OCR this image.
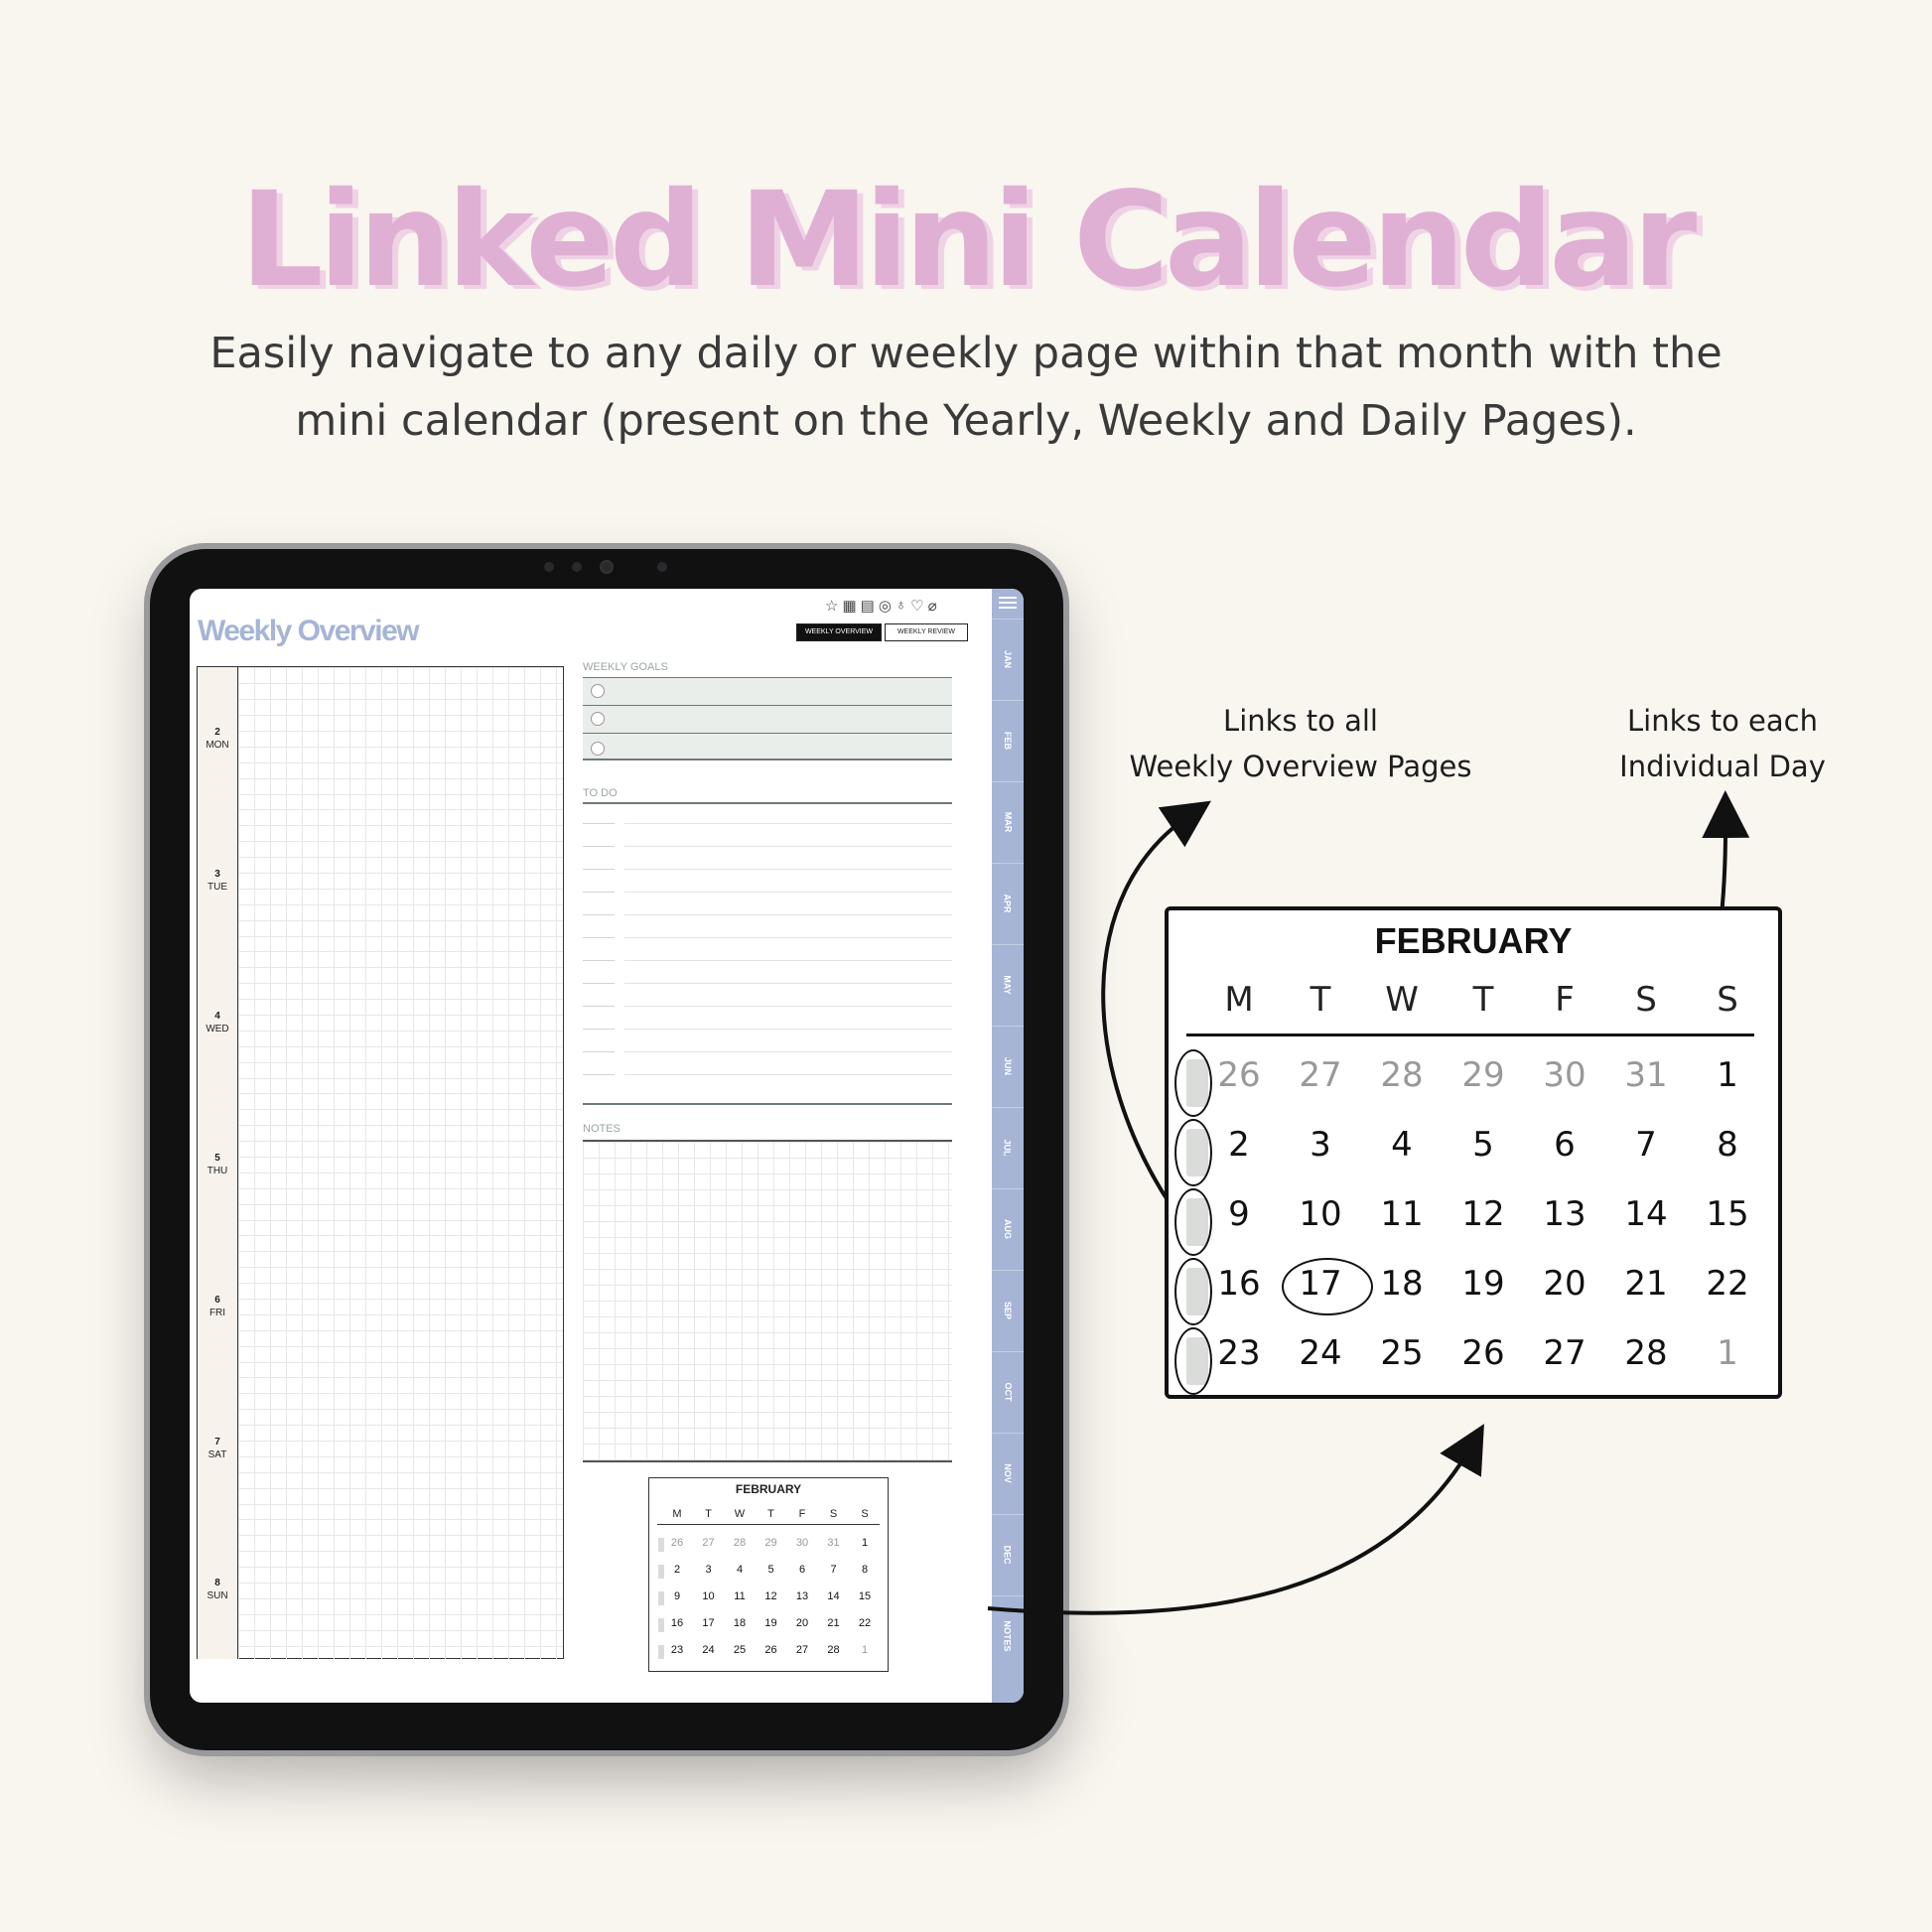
Linked Mini Calendar
Easily navigate to any daily or weekly page within that month with the mini calendar (present on the Yearly, Weekly and Daily Pages).
Weekly Overview
☆ ▦ ▤ ◎ ♁ ♡ ⌀
WEEKLY OVERVIEW	WEEKLY REVIEW
2
MON
3
TUE
4
WED
5
THU
6
FRI
7
SAT
8
SUN
WEEKLY GOALS
TO DO
NOTES
FEBRUARY
M	T	W	T	F	S	S
26	27	28	29	30	31	1
2	3	4	5	6	7	8
9	10	11	12	13	14	15
16	17	18	19	20	21	22
23	24	25	26	27	28	1
JAN
FEB
MAR
APR
MAY
JUN
JUL
AUG
SEP
OCT
NOV
DEC
NOTES
Links to all
Weekly Overview Pages
Links to each
Individual Day
FEBRUARY
M	T	W	T	F	S	S
26	27	28	29	30	31	1
2	3	4	5	6	7	8
9	10	11	12	13	14	15
16	17	18	19	20	21	22
23	24	25	26	27	28	1
